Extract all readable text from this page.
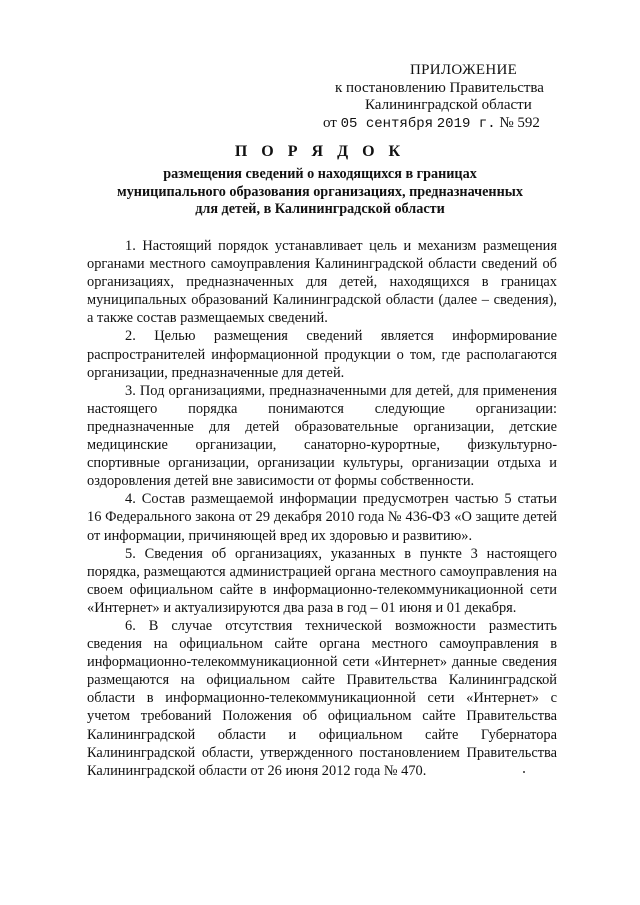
ПРИЛОЖЕНИЕ
к постановлению Правительства
Калининградской области
от 05 сентября 2019 г. № 592
П О Р Я Д О К
размещения сведений о находящихся в границах муниципального образования организациях, предназначенных для детей, в Калининградской области

1. Настоящий порядок устанавливает цель и механизм размещения органами местного самоуправления Калининградской области сведений об организациях, предназначенных для детей, находящихся в границах муниципальных образований Калининградской области (далее – сведения), а также состав размещаемых сведений.

2. Целью размещения сведений является информирование распространителей информационной продукции о том, где располагаются организации, предназначенные для детей.

3. Под организациями, предназначенными для детей, для применения настоящего порядка понимаются следующие организации: предназначенные для детей образовательные организации, детские медицинские организации, санаторно-курортные, физкультурно-спортивные организации, организации культуры, организации отдыха и оздоровления детей вне зависимости от формы собственности.

4. Состав размещаемой информации предусмотрен частью 5 статьи 16 Федерального закона от 29 декабря 2010 года № 436-ФЗ «О защите детей от информации, причиняющей вред их здоровью и развитию».

5. Сведения об организациях, указанных в пункте 3 настоящего порядка, размещаются администрацией органа местного самоуправления на своем официальном сайте в информационно-телекоммуникационной сети «Интернет» и актуализируются два раза в год – 01 июня и 01 декабря.

6. В случае отсутствия технической возможности разместить сведения на официальном сайте органа местного самоуправления в информационно-телекоммуникационной сети «Интернет» данные сведения размещаются на официальном сайте Правительства Калининградской области в информационно-телекоммуникационной сети «Интернет» с учетом требований Положения об официальном сайте Правительства Калининградской области и официальном сайте Губернатора Калининградской области, утвержденного постановлением Правительства Калининградской области от 26 июня 2012 года № 470.
